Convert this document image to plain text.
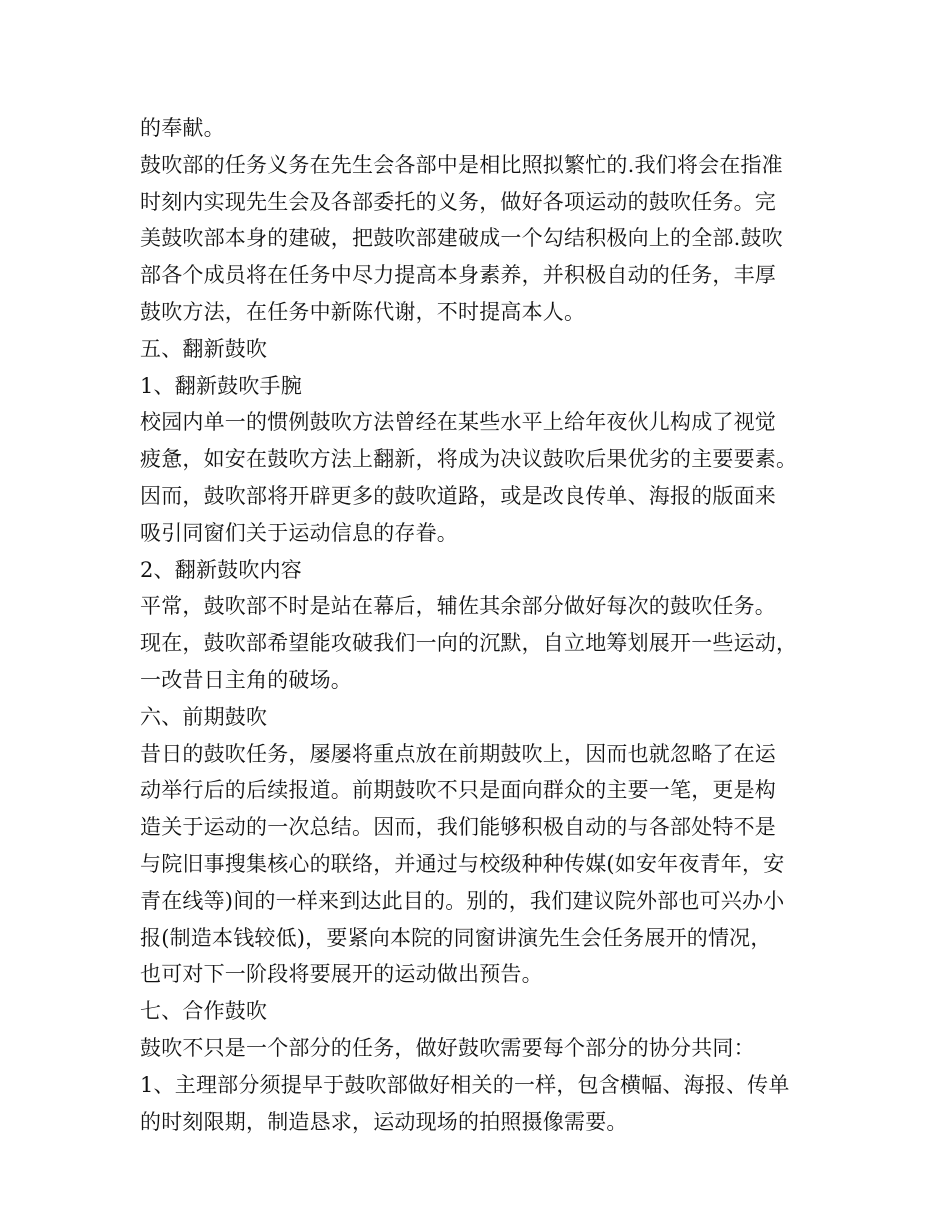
的奉献。
鼓吹部的任务义务在先生会各部中是相比照拟繁忙的.我们将会在指准
时刻内实现先生会及各部委托的义务，做好各项运动的鼓吹任务。完
美鼓吹部本身的建破，把鼓吹部建破成一个勾结积极向上的全部.鼓吹
部各个成员将在任务中尽力提高本身素养，并积极自动的任务，丰厚
鼓吹方法，在任务中新陈代谢，不时提高本人。
五、翻新鼓吹
1、翻新鼓吹手腕
校园内单一的惯例鼓吹方法曾经在某些水平上给年夜伙儿构成了视觉
疲惫，如安在鼓吹方法上翻新，将成为决议鼓吹后果优劣的主要要素。
因而，鼓吹部将开辟更多的鼓吹道路，或是改良传单、海报的版面来
吸引同窗们关于运动信息的存眷。
2、翻新鼓吹内容
平常，鼓吹部不时是站在幕后，辅佐其余部分做好每次的鼓吹任务。
现在，鼓吹部希望能攻破我们一向的沉默，自立地筹划展开一些运动，
一改昔日主角的破场。
六、前期鼓吹
昔日的鼓吹任务，屡屡将重点放在前期鼓吹上，因而也就忽略了在运
动举行后的后续报道。前期鼓吹不只是面向群众的主要一笔，更是构
造关于运动的一次总结。因而，我们能够积极自动的与各部处特不是
与院旧事搜集核心的联络，并通过与校级种种传媒(如安年夜青年，安
青在线等)间的一样来到达此目的。别的，我们建议院外部也可兴办小
报(制造本钱较低)，要紧向本院的同窗讲演先生会任务展开的情况，
也可对下一阶段将要展开的运动做出预告。
七、合作鼓吹
鼓吹不只是一个部分的任务，做好鼓吹需要每个部分的协分共同：
1、主理部分须提早于鼓吹部做好相关的一样，包含横幅、海报、传单
的时刻限期，制造恳求，运动现场的拍照摄像需要。
